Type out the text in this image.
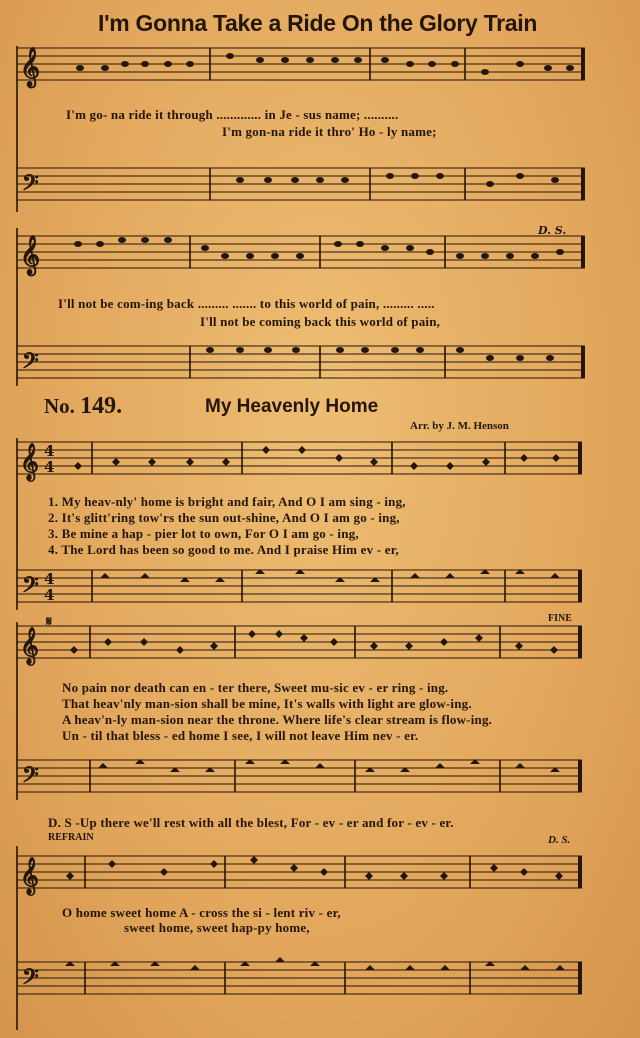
I'm Gonna Take a Ride On the Glory Train
𝄞
𝄢
I'm go- na ride it through ............. in Je - sus name; ..........
I'm gon-na ride it thro' Ho - ly name;
𝄞
𝄢
D. S.
I'll not be com-ing back ......... ....... to this world of pain, ......... .....
I'll not be coming back this world of pain,
No. 149.	My Heavenly Home
Arr. by J. M. Henson
𝄞 4
4
𝄢 4
4
1. My heav-nly' home is bright and fair, And O I am sing - ing,
2. It's glitt'ring tow'rs the sun out-shine, And O I am go - ing,
3. Be mine a hap - pier lot to own, For O I am go - ing,
4. The Lord has been so good to me. And I praise Him ev - er,
𝄞
𝄢
𝄋	FINE
No pain nor death can en - ter there, Sweet mu-sic ev - er ring - ing.
That heav'nly man-sion shall be mine, It's walls with light are glow-ing.
A heav'n-ly man-sion near the throne. Where life's clear stream is flow-ing.
Un - til that bless - ed home I see, I will not leave Him nev - er.
D. S -Up there we'll rest with all the blest, For - ev - er and for - ev - er.
𝄞
𝄢
REFRAIN	D. S.
O home sweet home A - cross the si - lent riv - er,
sweet home, sweet hap-py home,
